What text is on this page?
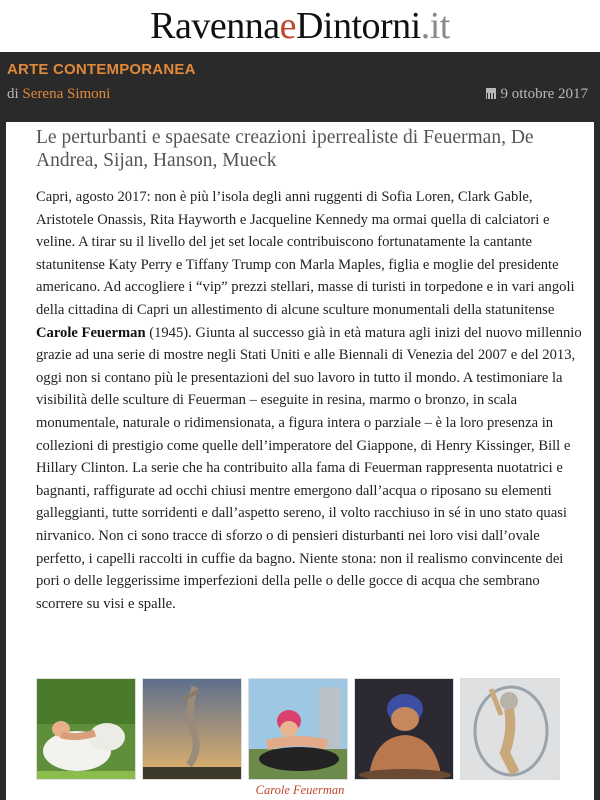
RavennaeDintorni.it
ARTE CONTEMPORANEA
di Serena Simoni	9 ottobre 2017
Le perturbanti e spaesate creazioni iperrealiste di Feuerman, De Andrea, Sijan, Hanson, Mueck
Capri, agosto 2017: non è più l’isola degli anni ruggenti di Sofia Loren, Clark Gable, Aristotele Onassis, Rita Hayworth e Jacqueline Kennedy ma ormai quella di calciatori e veline. A tirar su il livello del jet set locale contribuiscono fortunatamente la cantante statunitense Katy Perry e Tiffany Trump con Marla Maples, figlia e moglie del presidente americano. Ad accogliere i “vip” prezzi stellari, masse di turisti in torpedone e in vari angoli della cittadina di Capri un allestimento di alcune sculture monumentali della statunitense Carole Feuerman (1945). Giunta al successo già in età matura agli inizi del nuovo millennio grazie ad una serie di mostre negli Stati Uniti e alle Biennali di Venezia del 2007 e del 2013, oggi non si contano più le presentazioni del suo lavoro in tutto il mondo. A testimoniare la visibilità delle sculture di Feuerman – eseguite in resina, marmo o bronzo, in scala monumentale, naturale o ridimensionata, a figura intera o parziale – è la loro presenza in collezioni di prestigio come quelle dell’imperatore del Giappone, di Henry Kissinger, Bill e Hillary Clinton. La serie che ha contribuito alla fama di Feuerman rappresenta nuotatrici e bagnanti, raffigurate ad occhi chiusi mentre emergono dall’acqua o riposano su elementi galleggianti, tutte sorridenti e dall’aspetto sereno, il volto racchiuso in sé in uno stato quasi nirvanico. Non ci sono tracce di sforzo o di pensieri disturbanti nei loro visi dall’ovale perfetto, i capelli raccolti in cuffie da bagno. Niente stona: non il realismo convincente dei pori o delle leggerissime imperfezioni della pelle o delle gocce di acqua che sembrano scorrere su visi e spalle.
Carole Feuerman
